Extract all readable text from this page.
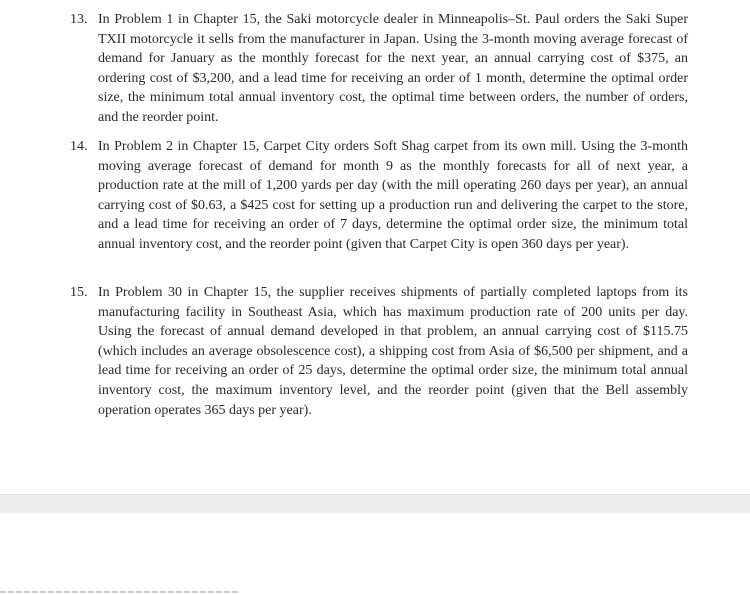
13. In Problem 1 in Chapter 15, the Saki motorcycle dealer in Minneapolis–St. Paul orders the Saki Super TXII motorcycle it sells from the manufacturer in Japan. Using the 3-month moving average forecast of demand for January as the monthly forecast for the next year, an annual carrying cost of $375, an ordering cost of $3,200, and a lead time for receiving an order of 1 month, determine the optimal order size, the minimum total annual inventory cost, the optimal time between orders, the number of orders, and the reorder point.
14. In Problem 2 in Chapter 15, Carpet City orders Soft Shag carpet from its own mill. Using the 3-month moving average forecast of demand for month 9 as the monthly forecasts for all of next year, a production rate at the mill of 1,200 yards per day (with the mill operating 260 days per year), an annual carrying cost of $0.63, a $425 cost for setting up a production run and delivering the carpet to the store, and a lead time for receiving an order of 7 days, determine the optimal order size, the minimum total annual inventory cost, and the reorder point (given that Carpet City is open 360 days per year).
15. In Problem 30 in Chapter 15, the supplier receives shipments of partially completed laptops from its manufacturing facility in Southeast Asia, which has maximum production rate of 200 units per day. Using the forecast of annual demand developed in that problem, an annual carrying cost of $115.75 (which includes an average obsolescence cost), a shipping cost from Asia of $6,500 per shipment, and a lead time for receiving an order of 25 days, determine the optimal order size, the minimum total annual inventory cost, the maximum inventory level, and the reorder point (given that the Bell assembly operation operates 365 days per year).
